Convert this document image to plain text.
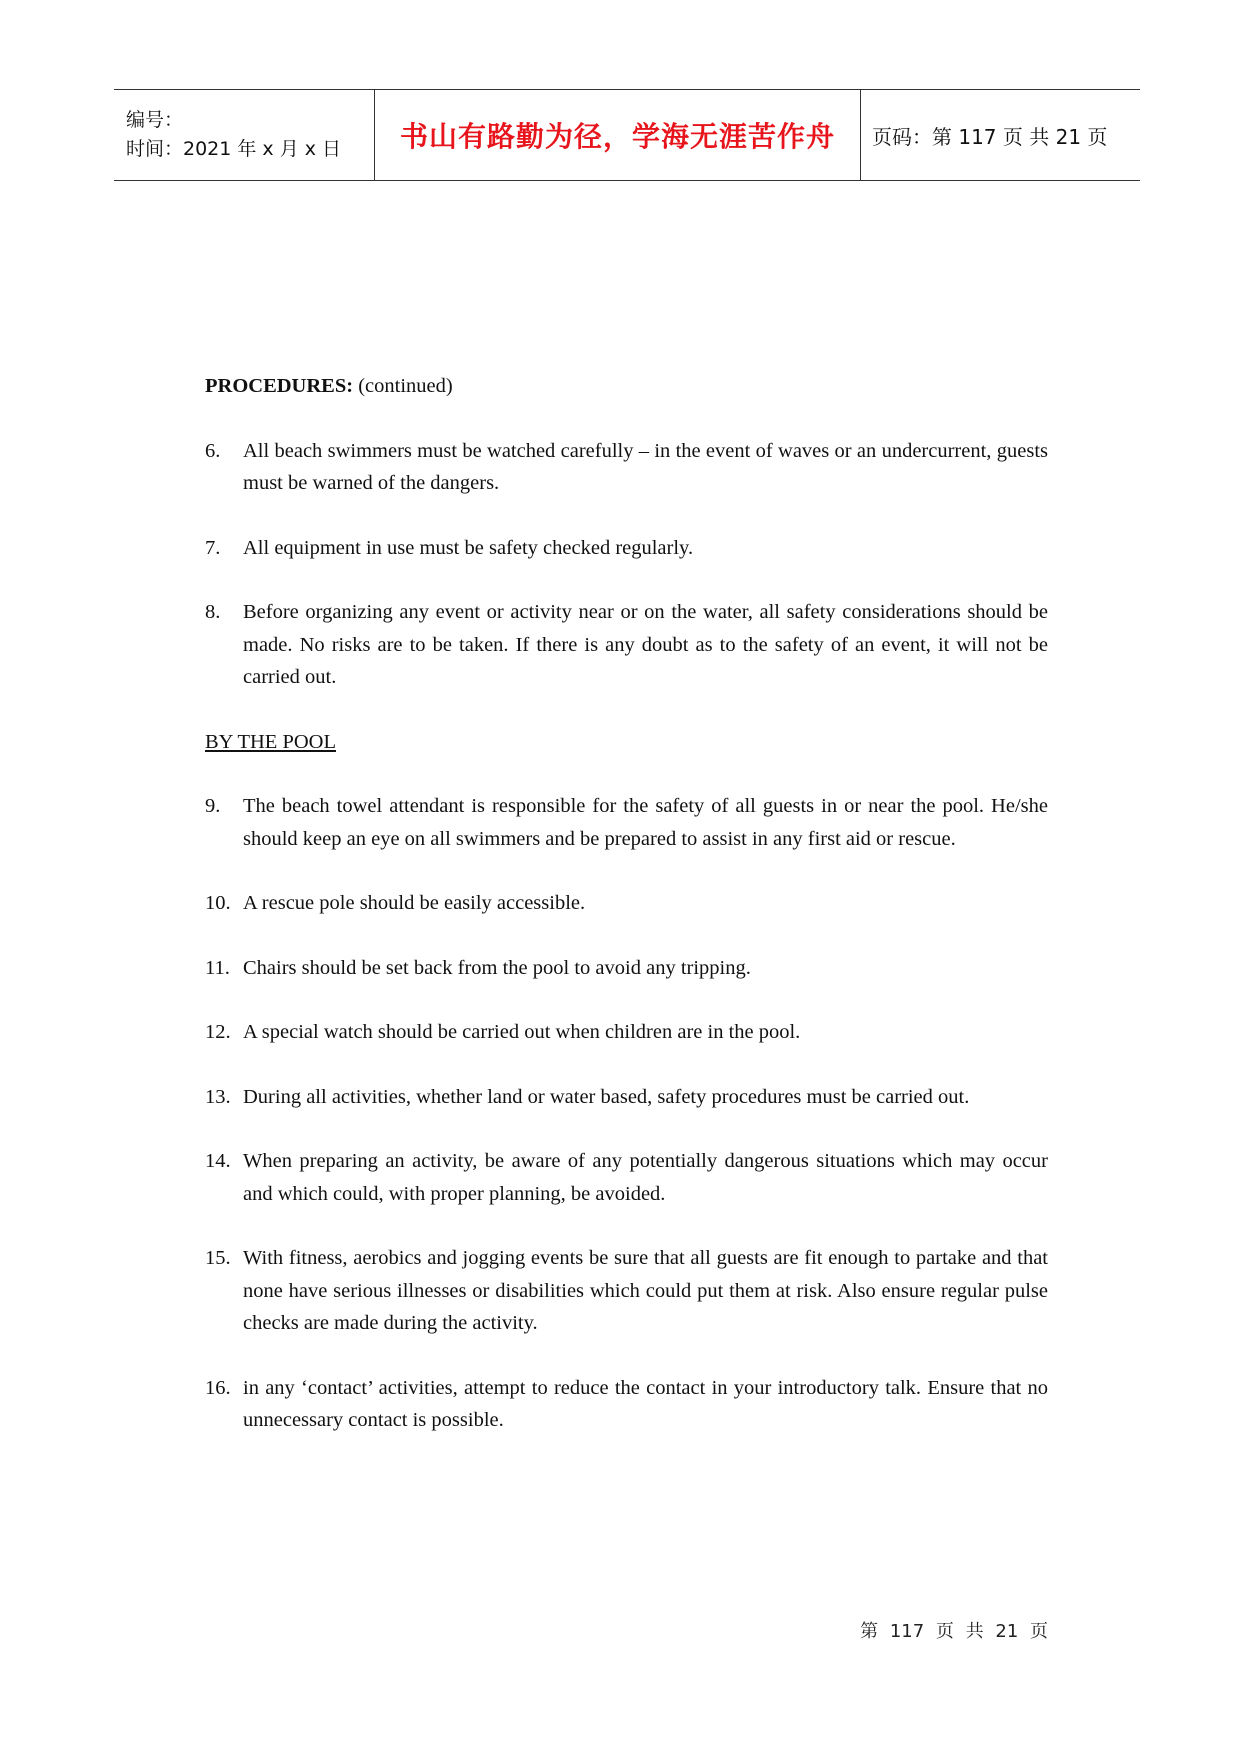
编号：
时间：2021 年 x 月 x 日	书山有路勤为径，学海无涯苦作舟 页码：第 117 页 共 21 页
PROCEDURES: (continued)
6.	All beach swimmers must be watched carefully – in the event of waves or an undercurrent, guests must be warned of the dangers.
7.	All equipment in use must be safety checked regularly.
8.	Before organizing any event or activity near or on the water, all safety considerations should be made. No risks are to be taken. If there is any doubt as to the safety of an event, it will not be carried out.
BY THE POOL
9.	The beach towel attendant is responsible for the safety of all guests in or near the pool. He/she should keep an eye on all swimmers and be prepared to assist in any first aid or rescue.
10. A rescue pole should be easily accessible.
11. Chairs should be set back from the pool to avoid any tripping.
12. A special watch should be carried out when children are in the pool.
13. During all activities, whether land or water based, safety procedures must be carried out.
14. When preparing an activity, be aware of any potentially dangerous situations which may occur and which could, with proper planning, be avoided.
15. With fitness, aerobics and jogging events be sure that all guests are fit enough to partake and that none have serious illnesses or disabilities which could put them at risk. Also ensure regular pulse checks are made during the activity.
16. in any ‘contact’ activities, attempt to reduce the contact in your introductory talk. Ensure that no unnecessary contact is possible.
第 117 页 共 21 页
